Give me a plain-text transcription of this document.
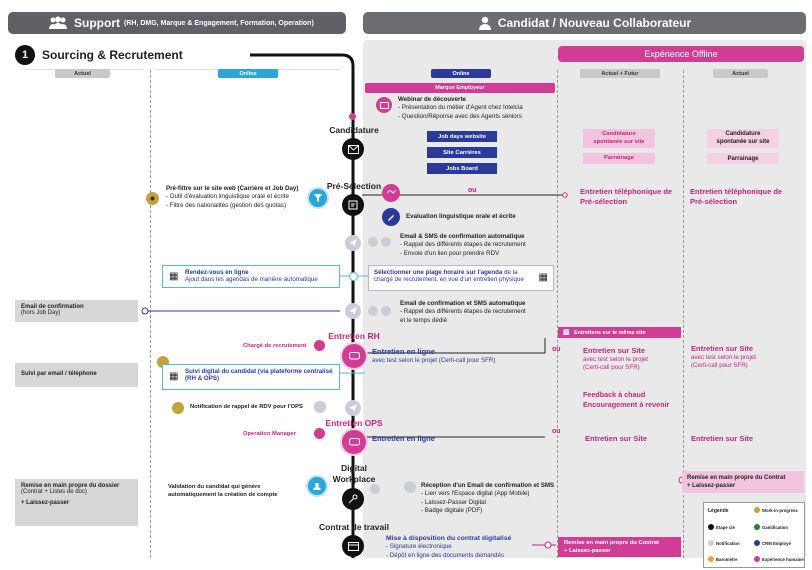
Support (RH, DMG, Marque & Engagement, Formation, Operation)	Candidat / Nouveau Collaborateur
1	Sourcing & Recrutement	Expérience Offline
Actuel	Online	Online	Actuel + Futur	Actuel
Marque Employeur
Candidature
Pré-Sélection
Entretien RH
Entretien OPS
Digital Workplace
Contrat de travail
Webinar de découverte
- Présentation du métier d'Agent chez Intelcia
- Question/Réponse avec des Agents séniors
Job days website
Site Carrières
Jobs Board
Candidature spontanée sur site
Parrainage
Candidature spontanée sur site
Parrainage
Pré-filtre sur le site web (Carrière et Job Day)
- Outil d'évaluation linguistique orale et écrite
- Filtre des nationalités (gestion des quotas)
ou	Entretien téléphonique de Pré-sélection
Entretien téléphonique de Pré-sélection
Evaluation linguistique orale et écrite
Email & SMS de confirmation automatique
- Rappel des différents étapes de recrutement
- Envoie d'un lien pour prendre RDV
▦ Rendez-vous en ligne
Ajout dans les agendas de manière automatique
Sélectionner une plage horaire sur l'agenda de la chargé de recrutement, en vue d'un entretien physique ▦
Email de confirmation
(hors Job Day)
Email de confirmation et SMS automatique
- Rappel des différents étapes de recrutement
et le temps dédié
▥ Entretiens sur le même site
Chargé de recrutement
Entretien en ligne
avec test selon le projet (Certi-call pour SFR)
ou	Entretien sur Site
avec test selon le projet
(Certi-call pour SFR)
Entretien sur Site
avec test selon le projet
(Certi-call pour SFR)
Suivi par email / téléphone	▦ Suivi digital du candidat (via plateforme centralisé
(RH & OPS)
Feedback à chaud
Encouragement à revenir
Notification de rappel de RDV pour l'OPS
Operation Manager	Entretien en ligne
ou
Entretien sur Site	Entretien sur Site
Remise en main propre du dossier
(Contrat + Listes de doc)
+ Laissez-passer
Validation du candidat qui génère
automatiquement la création de compte
Réception d'un Email de confirmation et SMS
- Lien vers l'Espace digital (App Mobile)
- Laissez-Passer Digital
- Badge digitale (PDF)
Remise en main propre du Contrat
+ Laissez-passer
Mise à disposition du contrat digitalisé
- Signature électronique
- Dépôt en ligne des documents demandés
Remise en main propre du Contrat
+ Laissez-passer
Légende	Work-in-progress
Étape clé	Gamification
Notification	CRM Employé
Baromètre	Expérience humaine
